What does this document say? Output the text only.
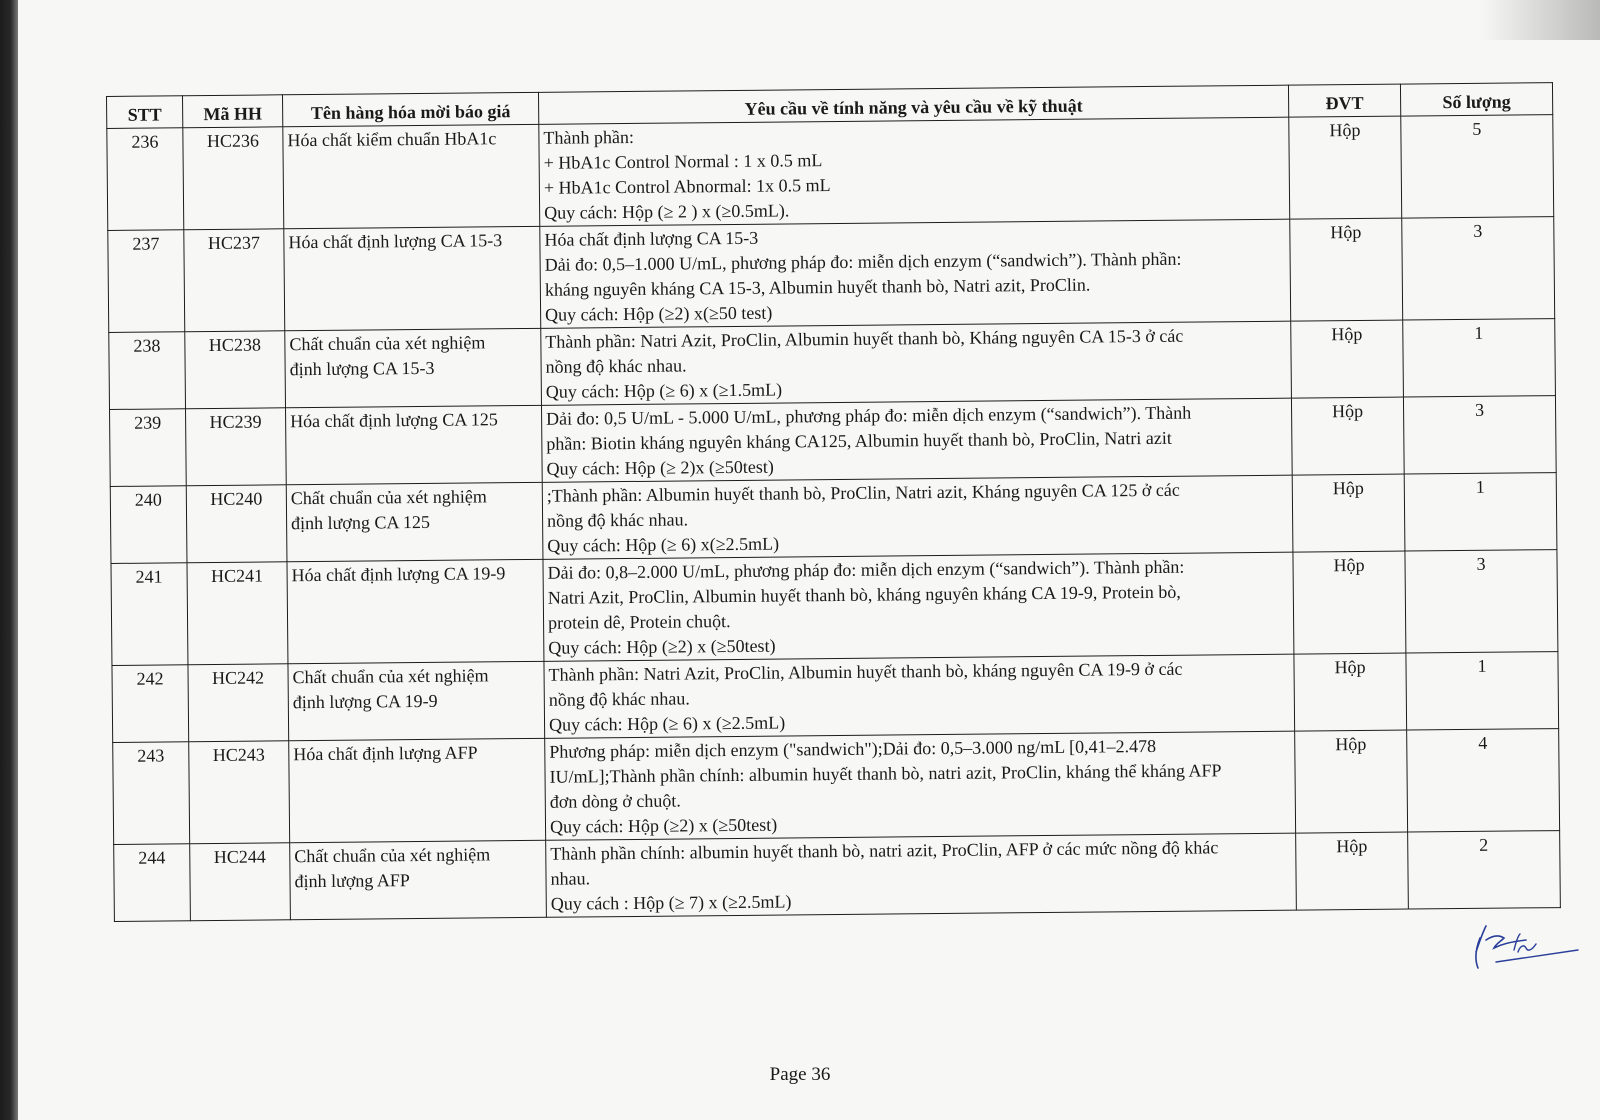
STT	Mã HH	Tên hàng hóa mời báo giá	Yêu cầu về tính năng và yêu cầu về kỹ thuật	ĐVT	Số lượng
236	HC236	Hóa chất kiểm chuẩn HbA1c	Thành phần:
+ HbA1c Control Normal : 1 x 0.5 mL
+ HbA1c Control Abnormal: 1x 0.5 mL
Quy cách: Hộp (≥ 2 ) x (≥0.5mL).	Hộp	5
237	HC237	Hóa chất định lượng CA 15-3	Hóa chất định lượng CA 15-3
Dải đo: 0,5–1.000 U/mL, phương pháp đo: miễn dịch enzym (“sandwich”). Thành phần:
kháng nguyên kháng CA 15-3, Albumin huyết thanh bò, Natri azit, ProClin.
Quy cách: Hộp (≥2) x(≥50 test)	Hộp	3
238	HC238	Chất chuẩn của xét nghiệm
định lượng CA 15-3	Thành phần: Natri Azit, ProClin, Albumin huyết thanh bò, Kháng nguyên CA 15-3 ở các
nồng độ khác nhau.
Quy cách: Hộp (≥ 6) x (≥1.5mL)	Hộp	1
239	HC239	Hóa chất định lượng CA 125	Dải đo: 0,5 U/mL - 5.000 U/mL, phương pháp đo: miễn dịch enzym (“sandwich”). Thành
phần: Biotin kháng nguyên kháng CA125, Albumin huyết thanh bò, ProClin, Natri azit
Quy cách: Hộp (≥ 2)x (≥50test)	Hộp	3
240	HC240	Chất chuẩn của xét nghiệm
định lượng CA 125	;Thành phần: Albumin huyết thanh bò, ProClin, Natri azit, Kháng nguyên CA 125 ở các
nồng độ khác nhau.
Quy cách: Hộp (≥ 6) x(≥2.5mL)	Hộp	1
241	HC241	Hóa chất định lượng CA 19-9	Dải đo: 0,8–2.000 U/mL, phương pháp đo: miễn dịch enzym (“sandwich”). Thành phần:
Natri Azit, ProClin, Albumin huyết thanh bò, kháng nguyên kháng CA 19-9, Protein bò,
protein dê, Protein chuột.
Quy cách: Hộp (≥2) x (≥50test)	Hộp	3
242	HC242	Chất chuẩn của xét nghiệm
định lượng CA 19-9	Thành phần: Natri Azit, ProClin, Albumin huyết thanh bò, kháng nguyên CA 19-9 ở các
nồng độ khác nhau.
Quy cách: Hộp (≥ 6) x (≥2.5mL)	Hộp	1
243	HC243	Hóa chất định lượng AFP	Phương pháp: miễn dịch enzym ("sandwich");Dải đo: 0,5–3.000 ng/mL [0,41–2.478
IU/mL];Thành phần chính: albumin huyết thanh bò, natri azit, ProClin, kháng thể kháng AFP
đơn dòng ở chuột.
Quy cách: Hộp (≥2) x (≥50test)	Hộp	4
244	HC244	Chất chuẩn của xét nghiệm
định lượng AFP	Thành phần chính: albumin huyết thanh bò, natri azit, ProClin, AFP ở các mức nồng độ khác
nhau.
Quy cách : Hộp (≥ 7) x (≥2.5mL)	Hộp	2
Page 36
